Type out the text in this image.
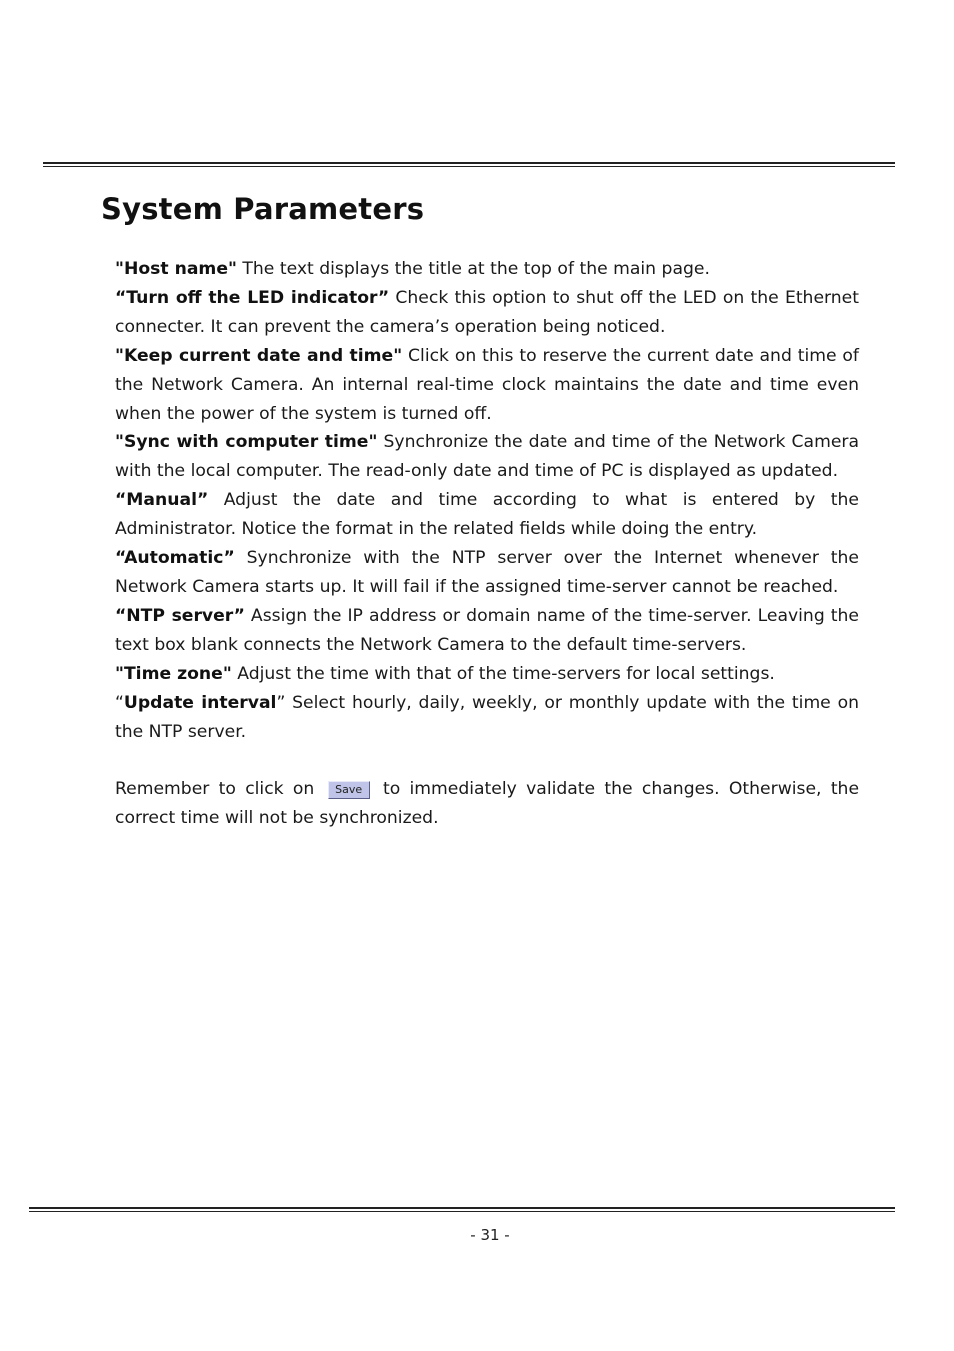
System Parameters

"Host name" The text displays the title at the top of the main page.

“Turn off the LED indicator” Check this option to shut off the LED on the Ethernet connecter. It can prevent the camera’s operation being noticed.

"Keep current date and time" Click on this to reserve the current date and time of the Network Camera. An internal real-time clock maintains the date and time even when the power of the system is turned off.

"Sync with computer time" Synchronize the date and time of the Network Camera with the local computer. The read-only date and time of PC is displayed as updated.

“Manual” Adjust the date and time according to what is entered by the Administrator. Notice the format in the related fields while doing the entry.

“Automatic” Synchronize with the NTP server over the Internet whenever the Network Camera starts up. It will fail if the assigned time-server cannot be reached.

“NTP server” Assign the IP address or domain name of the time-server. Leaving the text box blank connects the Network Camera to the default time-servers.

"Time zone" Adjust the time with that of the time-servers for local settings.

“Update interval” Select hourly, daily, weekly, or monthly update with the time on the NTP server.

Remember to click on Save to immediately validate the changes. Otherwise, the correct time will not be synchronized.

- 31 -
